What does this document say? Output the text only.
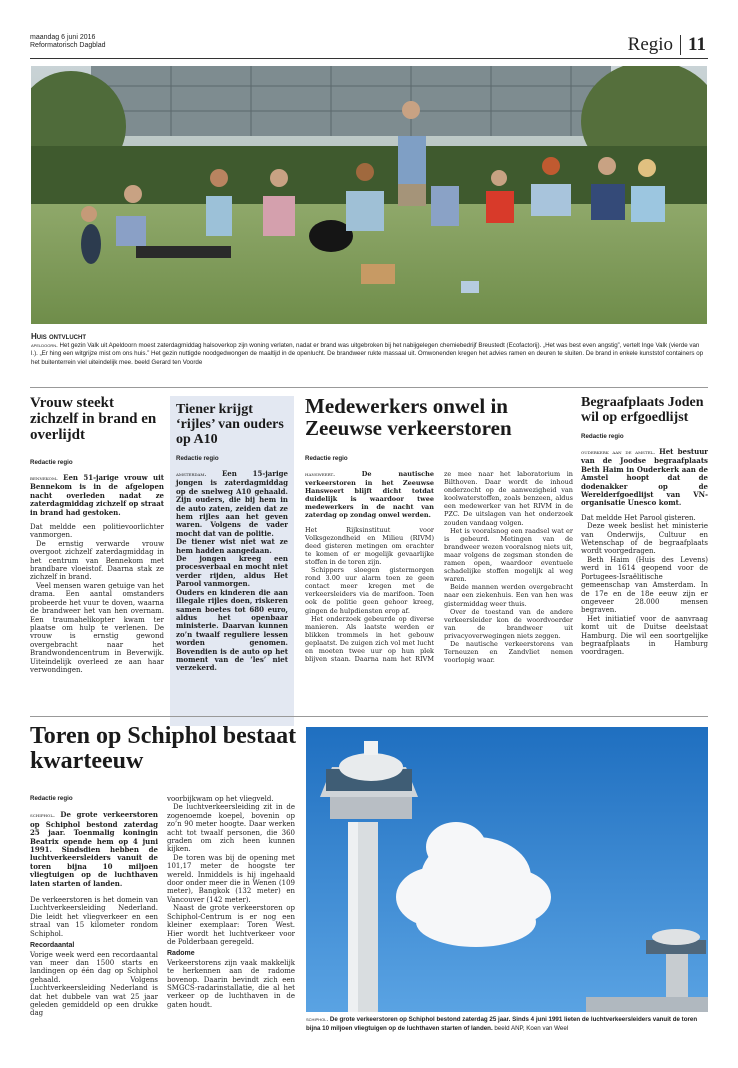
maandag 6 juni 2016
Reformatorisch Dagblad	Regio 11
Huis ontvlucht
apeldoorn. Het gezin Valk uit Apeldoorn moest zaterdagmiddag halsoverkop zijn woning verlaten, nadat er brand was uitgebroken bij het nabijgelegen chemiebedrijf Breustedt (Ecofactorij). „Het was best even angstig”, vertelt Inge Valk (vierde van l.). „Er hing een witgrijze mist om ons huis.” Het gezin nuttigde noodgedwongen de maaltijd in de openlucht. De brandweer rukte massaal uit. Omwonenden kregen het advies ramen en deuren te sluiten. De brand in enkele kunststof containers op het buitenterrein viel uiteindelijk mee. beeld Gerard ten Voorde
Vrouw steekt zichzelf in brand en overlijdt
Redactie regio

bennekom. Een 51-jarige vrouw uit Bennekom is in de afgelopen nacht overleden nadat ze zaterdagmiddag zichzelf op straat in brand had gestoken.

Dat meldde een politievoorlichter vanmorgen.

De ernstig verwarde vrouw overgoot zichzelf zaterdagmiddag in het centrum van Bennekom met brandbare vloeistof. Daarna stak ze zichzelf in brand.

Veel mensen waren getuige van het drama. Een aantal omstanders probeerde het vuur te doven, waarna de brandweer het van hen overnam. Een traumahelikopter kwam ter plaatse om hulp te verlenen. De vrouw is ernstig gewond overgebracht naar het Brandwondencentrum in Beverwijk. Uiteindelijk overleed ze aan haar verwondingen.

Tiener krijgt ‘rijles’ van ouders op A10
Redactie regio

amsterdam. Een 15-jarige jongen is zaterdagmiddag op de snelweg A10 gehaald. Zijn ouders, die bij hem in de auto zaten, zeiden dat ze hem rijles aan het geven waren. Volgens de vader mocht dat van de politie.

De tiener wist niet wat ze hem hadden aangedaan.

De jongen kreeg een procesverbaal en mocht niet verder rijden, aldus Het Parool vanmorgen.

Ouders en kinderen die aan illegale rijles doen, riskeren samen boetes tot 680 euro, aldus het openbaar ministerie. Daarvan kunnen zo’n twaalf reguliere lessen worden genomen. Bovendien is de auto op het moment van de ‘les’ niet verzekerd.

Medewerkers onwel in Zeeuwse verkeerstoren
Redactie regio

hansweert.	De nautische verkeerstoren in het Zeeuwse Hansweert blijft dicht totdat duidelijk is waardoor twee medewerkers in de nacht van zaterdag op zondag onwel werden.

Het Rijksinstituut voor Volksgezondheid en Milieu (RIVM) deed gisteren metingen om erachter te komen of er mogelijk gevaarlijke stoffen in de toren zijn.

Schippers sloegen gistermorgen rond 3.00 uur alarm toen ze geen contact meer kregen met de verkeersleiders via de marifoon. Toen ook de politie geen gehoor kreeg, gingen de hulpdiensten erop af.

Het onderzoek gebeurde op diverse manieren. Als laatste werden er blikken trommels in het gebouw geplaatst. De zuigen zich vol met lucht en moeten twee uur op hun plek blijven staan. Daarna nam het RIVM ze mee naar het laboratorium in Bilthoven. Daar wordt de inhoud onderzocht op de aanwezigheid van koolwaterstoffen, zoals benzeen, aldus een medewerker van het RIVM in de PZC. De uitslagen van het onderzoek zouden vandaag volgen.

Het is vooralsnog een raadsel wat er is gebeurd. Metingen van de brandweer wezen vooralsnog niets uit, maar volgens de zegsman stonden de ramen open, waardoor eventuele schadelijke stoffen mogelijk al weg waren.

Beide mannen werden overgebracht naar een ziekenhuis. Een van hen was gistermiddag weer thuis.

Over de toestand van de andere verkeersleider kon de woordvoerder van de brandweer uit privacyoverwegingen niets zeggen.

De nautische verkeerstorens van Terneuzen en Zandvliet nemen voorlopig waar.

Begraafplaats Joden wil op erfgoedlijst
Redactie regio

ouderkerk aan de amstel. Het bestuur van de Joodse begraafplaats Beth Haim in Ouderkerk aan de Amstel hoopt dat de dodenakker op de Werelderfgoedlijst van VN-organisatie Unesco komt.

Dat meldde Het Parool gisteren.

Deze week beslist het ministerie van Onderwijs, Cultuur en Wetenschap of de begraafplaats wordt voorgedragen.

Beth Haim (Huis des Levens) werd in 1614 geopend voor de Portugees-Israëlitische gemeenschap van Amsterdam. In de 17e en de 18e eeuw zijn er ongeveer 28.000 mensen begraven.

Het initiatief voor de aanvraag komt uit de Duitse deelstaat Hamburg. Die wil een soortgelijke begraafplaats in Hamburg voordragen.

Toren op Schiphol bestaat kwarteeuw
Redactie regio

schiphol. De grote verkeerstoren op Schiphol bestond zaterdag 25 jaar. Toenmalig koningin Beatrix opende hem op 4 juni 1991. Sindsdien hebben de luchtverkeersleiders vanuit de toren bijna 10 miljoen vliegtuigen op de luchthaven laten starten of landen.

De verkeerstoren is het domein van Luchtverkeersleiding Nederland. Die leidt het vliegverkeer en een straal van 15 kilometer rondom Schiphol.

Recordaantal

Vorige week werd een recordaantal van meer dan 1500 starts en landingen op één dag op Schiphol gehaald. Volgens Luchtverkeersleiding Nederland is dat het dubbele van wat 25 jaar geleden gemiddeld op een drukke dag

voorbijkwam op het vliegveld.

De luchtverkeersleiding zit in de zogenoemde koepel, bovenin op zo’n 90 meter hoogte. Daar werken acht tot twaalf personen, die 360 graden om zich heen kunnen kijken.

De toren was bij de opening met 101,17 meter de hoogste ter wereld. Inmiddels is hij ingehaald door onder meer die in Wenen (109 meter), Bangkok (132 meter) en Vancouver (142 meter).

Naast de grote verkeerstoren op Schiphol-Centrum is er nog een kleiner exemplaar: Toren West. Hier wordt het luchtverkeer voor de Polderbaan geregeld.

Radome

Verkeerstorens zijn vaak makkelijk te herkennen aan de radome bovenop. Daarin bevindt zich een SMGCS-radarinstallatie, die al het verkeer op de luchthaven in de gaten houdt.

schiphol. De grote verkeerstoren op Schiphol bestond zaterdag 25 jaar. Sinds 4 juni 1991 lieten de luchtverkeersleiders vanuit de toren bijna 10 miljoen vliegtuigen op de luchthaven starten of landen. beeld ANP, Koen van Weel
